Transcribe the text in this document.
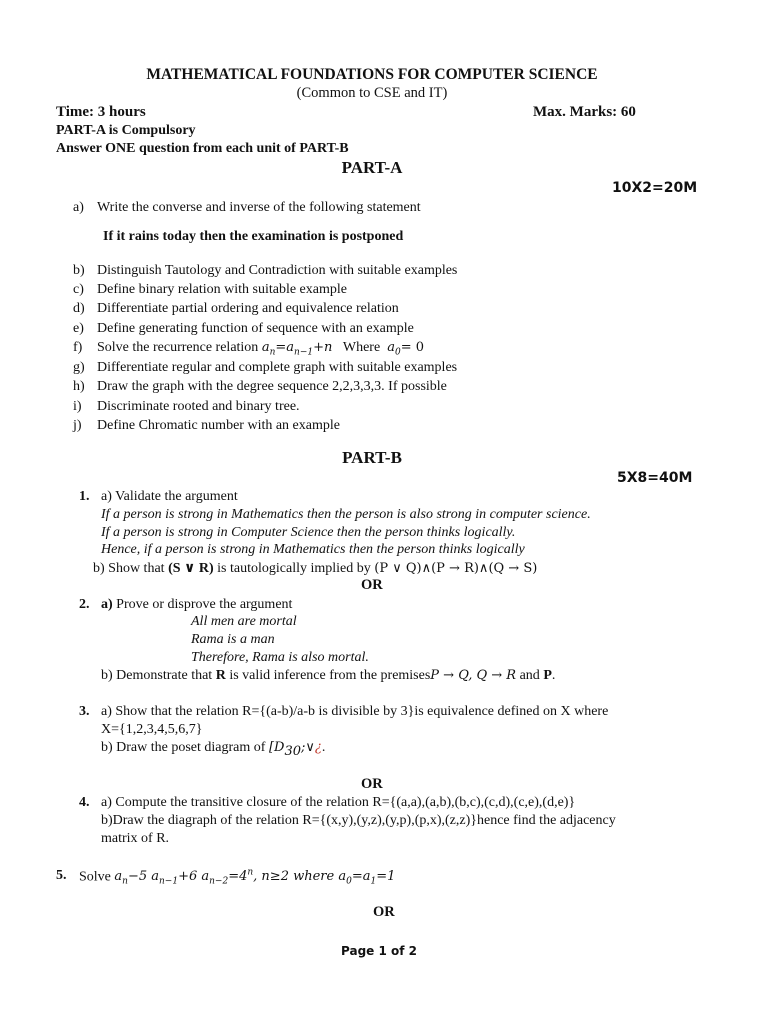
MATHEMATICAL FOUNDATIONS FOR COMPUTER SCIENCE
(Common to CSE and IT)
Time: 3 hours	Max. Marks: 60
PART-A is Compulsory
Answer ONE question from each unit of PART-B
PART-A
10X2=20M
a) Write the converse and inverse of the following statement
If it rains today then the examination is postponed
b) Distinguish Tautology and Contradiction with suitable examples
c) Define binary relation with suitable example
d) Differentiate partial ordering and equivalence relation
e) Define generating function of sequence with an example
f) Solve the recurrence relation $a_n=a_{n-1}+n$ Where $a_0= 0$
g) Differentiate regular and complete graph with suitable examples
h) Draw the graph with the degree sequence 2,2,3,3,3. If possible
i) Discriminate rooted and binary tree.
j) Define Chromatic number with an example
PART-B
5X8=40M
1. a) Validate the argument
If a person is strong in Mathematics then the person is also strong in computer science.
If a person is strong in Computer Science then the person thinks logically.
Hence, if a person is strong in Mathematics then the person thinks logically
b) Show that (S ∨ R) is tautologically implied by (P ∨ Q)∧(P → R)∧(Q → S)
OR
2. a) Prove or disprove the argument
All men are mortal
Rama is a man
Therefore, Rama is also mortal.
b) Demonstrate that R is valid inference from the premisesP → Q, Q → R and P.
3. a) Show that the relation R={(a-b)/a-b is divisible by 3}is equivalence defined on X where
X={1,2,3,4,5,6,7}
b) Draw the poset diagram of [$D_{30};\vee¿$.
OR
4. a) Compute the transitive closure of the relation R={(a,a),(a,b),(b,c),(c,d),(c,e),(d,e)}
b)Draw the diagraph of the relation R={(x,y),(y,z),(y,p),(p,x),(z,z)}hence find the adjacency
matrix of R.
5. Solve $a_n-5$ $a_{n-1}+6$ $a_{n-2}=4^n$, n≥2 where $a_0=a_1=1$
OR
Page 1 of 2
